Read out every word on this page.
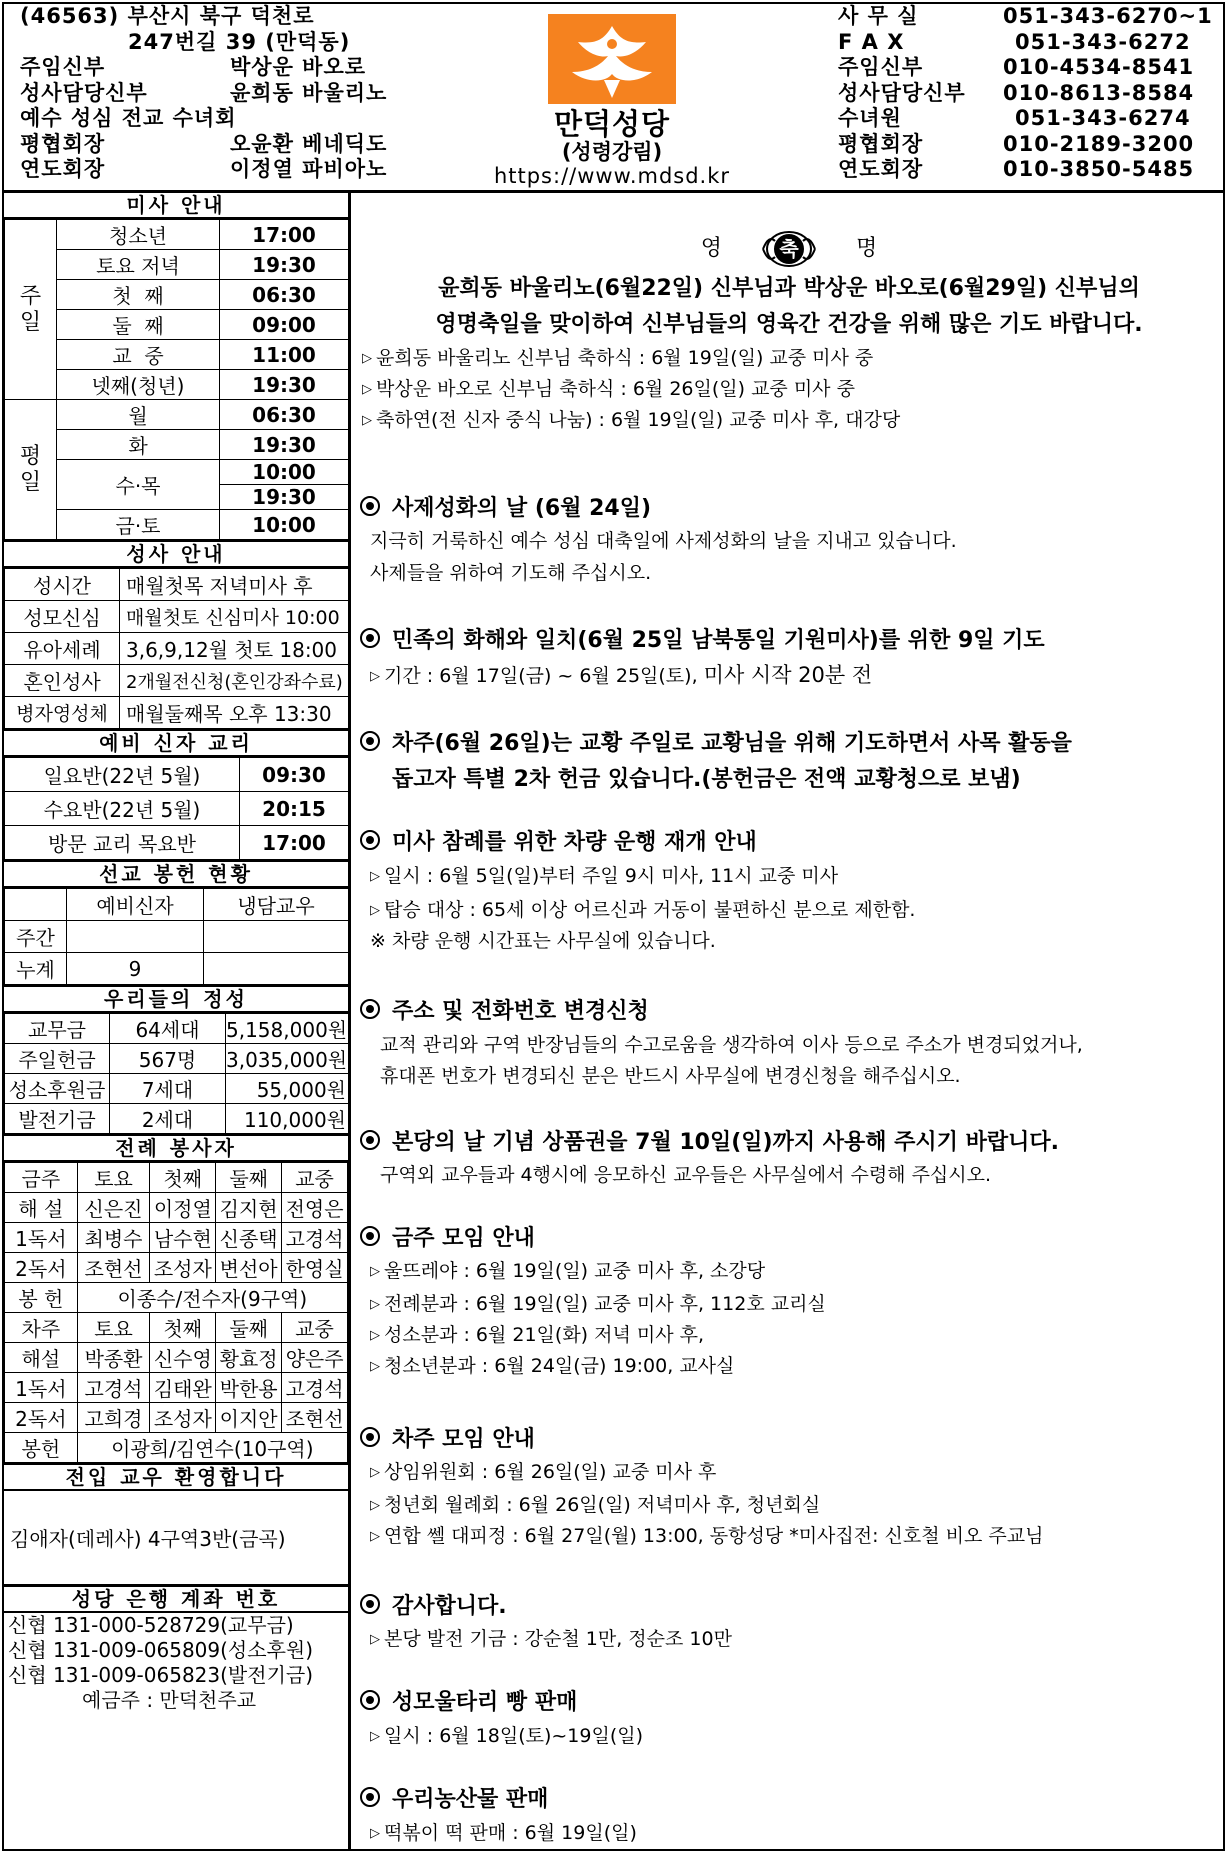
(46563) 부산시 북구 덕천로
247번길 39 (만덕동)
주임신부	박상운 바오로
성사담당신부	윤희동 바울리노
예수 성심 전교 수녀회
평협회장	오윤환 베네딕도
연도회장	이정열 파비아노
만덕성당
(성령강림)
https://www.mdsd.kr
사 무 실	051-343-6270~1
F A X	051-343-6272
주임신부	010-4534-8541
성사담당신부	010-8613-8584
수녀원	051-343-6274
평협회장	010-2189-3200
연도회장	010-3850-5485
미사 안내
주
일	청소년	17:00
	토요 저녁	19:30
	첫  째	06:30
	둘  째	09:00
	교  중	11:00
	넷째(청년)	19:30
평
일	월	06:30
	화	19:30
	수·목	10:00
		19:30
	금·토	10:00
성사 안내
성시간	매월첫목 저녁미사 후
성모신심	매월첫토 신심미사 10:00
유아세례	3,6,9,12월 첫토 18:00
혼인성사	2개월전신청(혼인강좌수료)
병자영성체	매월둘째목 오후 13:30
예비 신자 교리
일요반(22년 5월)	09:30
수요반(22년 5월)	20:15
방문 교리 목요반	17:00
선교 봉헌 현황
	예비신자	냉담교우
주간		
누계	9	
우리들의 정성
교무금	64세대	5,158,000원
주일헌금	567명	3,035,000원
성소후원금	7세대	55,000원
발전기금	2세대	110,000원
전례 봉사자
금주	토요	첫째	둘째	교중
해 설	신은진	이정열	김지현	전영은
1독서	최병수	남수현	신종택	고경석
2독서	조현선	조성자	변선아	한영실
봉 헌	이종수/전수자(9구역)			
차주	토요	첫째	둘째	교중
해설	박종환	신수영	황효정	양은주
1독서	고경석	김태완	박한용	고경석
2독서	고희경	조성자	이지안	조현선
봉헌	이광희/김연수(10구역)			
전입 교우 환영합니다
김애자(데레사) 4구역3반(금곡)
성당 은행 계좌 번호
신협 131-000-528729(교무금)
신협 131-009-065809(성소후원)
신협 131-009-065823(발전기금)
예금주 : 만덕천주교
영	축	명
윤희동 바울리노(6월22일) 신부님과 박상운 바오로(6월29일) 신부님의
영명축일을 맞이하여 신부님들의 영육간 건강을 위해 많은 기도 바랍니다.
▷ 윤희동 바울리노 신부님 축하식 : 6월 19일(일) 교중 미사 중
▷ 박상운 바오로 신부님 축하식 : 6월 26일(일) 교중 미사 중
▷ 축하연(전 신자 중식 나눔) : 6월 19일(일) 교중 미사 후, 대강당
사제성화의 날 (6월 24일)
지극히 거룩하신 예수 성심 대축일에 사제성화의 날을 지내고 있습니다.
사제들을 위하여 기도해 주십시오.
민족의 화해와 일치(6월 25일 남북통일 기원미사)를 위한 9일 기도
▷ 기간 : 6월 17일(금) ~ 6월 25일(토), 미사 시작 20분 전
차주(6월 26일)는 교황 주일로 교황님을 위해 기도하면서 사목 활동을
돕고자 특별 2차 헌금 있습니다.(봉헌금은 전액 교황청으로 보냄)
미사 참례를 위한 차량 운행 재개 안내
▷ 일시 : 6월 5일(일)부터 주일 9시 미사, 11시 교중 미사
▷ 탑승 대상 : 65세 이상 어르신과 거동이 불편하신 분으로 제한함.
※ 차량 운행 시간표는 사무실에 있습니다.
주소 및 전화번호 변경신청
교적 관리와 구역 반장님들의 수고로움을 생각하여 이사 등으로 주소가 변경되었거나,
휴대폰 번호가 변경되신 분은 반드시 사무실에 변경신청을 해주십시오.
본당의 날 기념 상품권을 7월 10일(일)까지 사용해 주시기 바랍니다.
구역외 교우들과 4행시에 응모하신 교우들은 사무실에서 수령해 주십시오.
금주 모임 안내
▷ 울뜨레야 : 6월 19일(일) 교중 미사 후, 소강당
▷ 전례분과 : 6월 19일(일) 교중 미사 후, 112호 교리실
▷ 성소분과 : 6월 21일(화) 저녁 미사 후,
▷ 청소년분과 : 6월 24일(금) 19:00, 교사실
차주 모임 안내
▷ 상임위원회 : 6월 26일(일) 교중 미사 후
▷ 청년회 월례회 : 6월 26일(일) 저녁미사 후, 청년회실
▷ 연합 쎌 대피정 : 6월 27일(월) 13:00, 동항성당 *미사집전: 신호철 비오 주교님
감사합니다.
▷ 본당 발전 기금 : 강순철 1만, 정순조 10만
성모울타리 빵 판매
▷ 일시 : 6월 18일(토)~19일(일)
우리농산물 판매
▷ 떡볶이 떡 판매 : 6월 19일(일)
